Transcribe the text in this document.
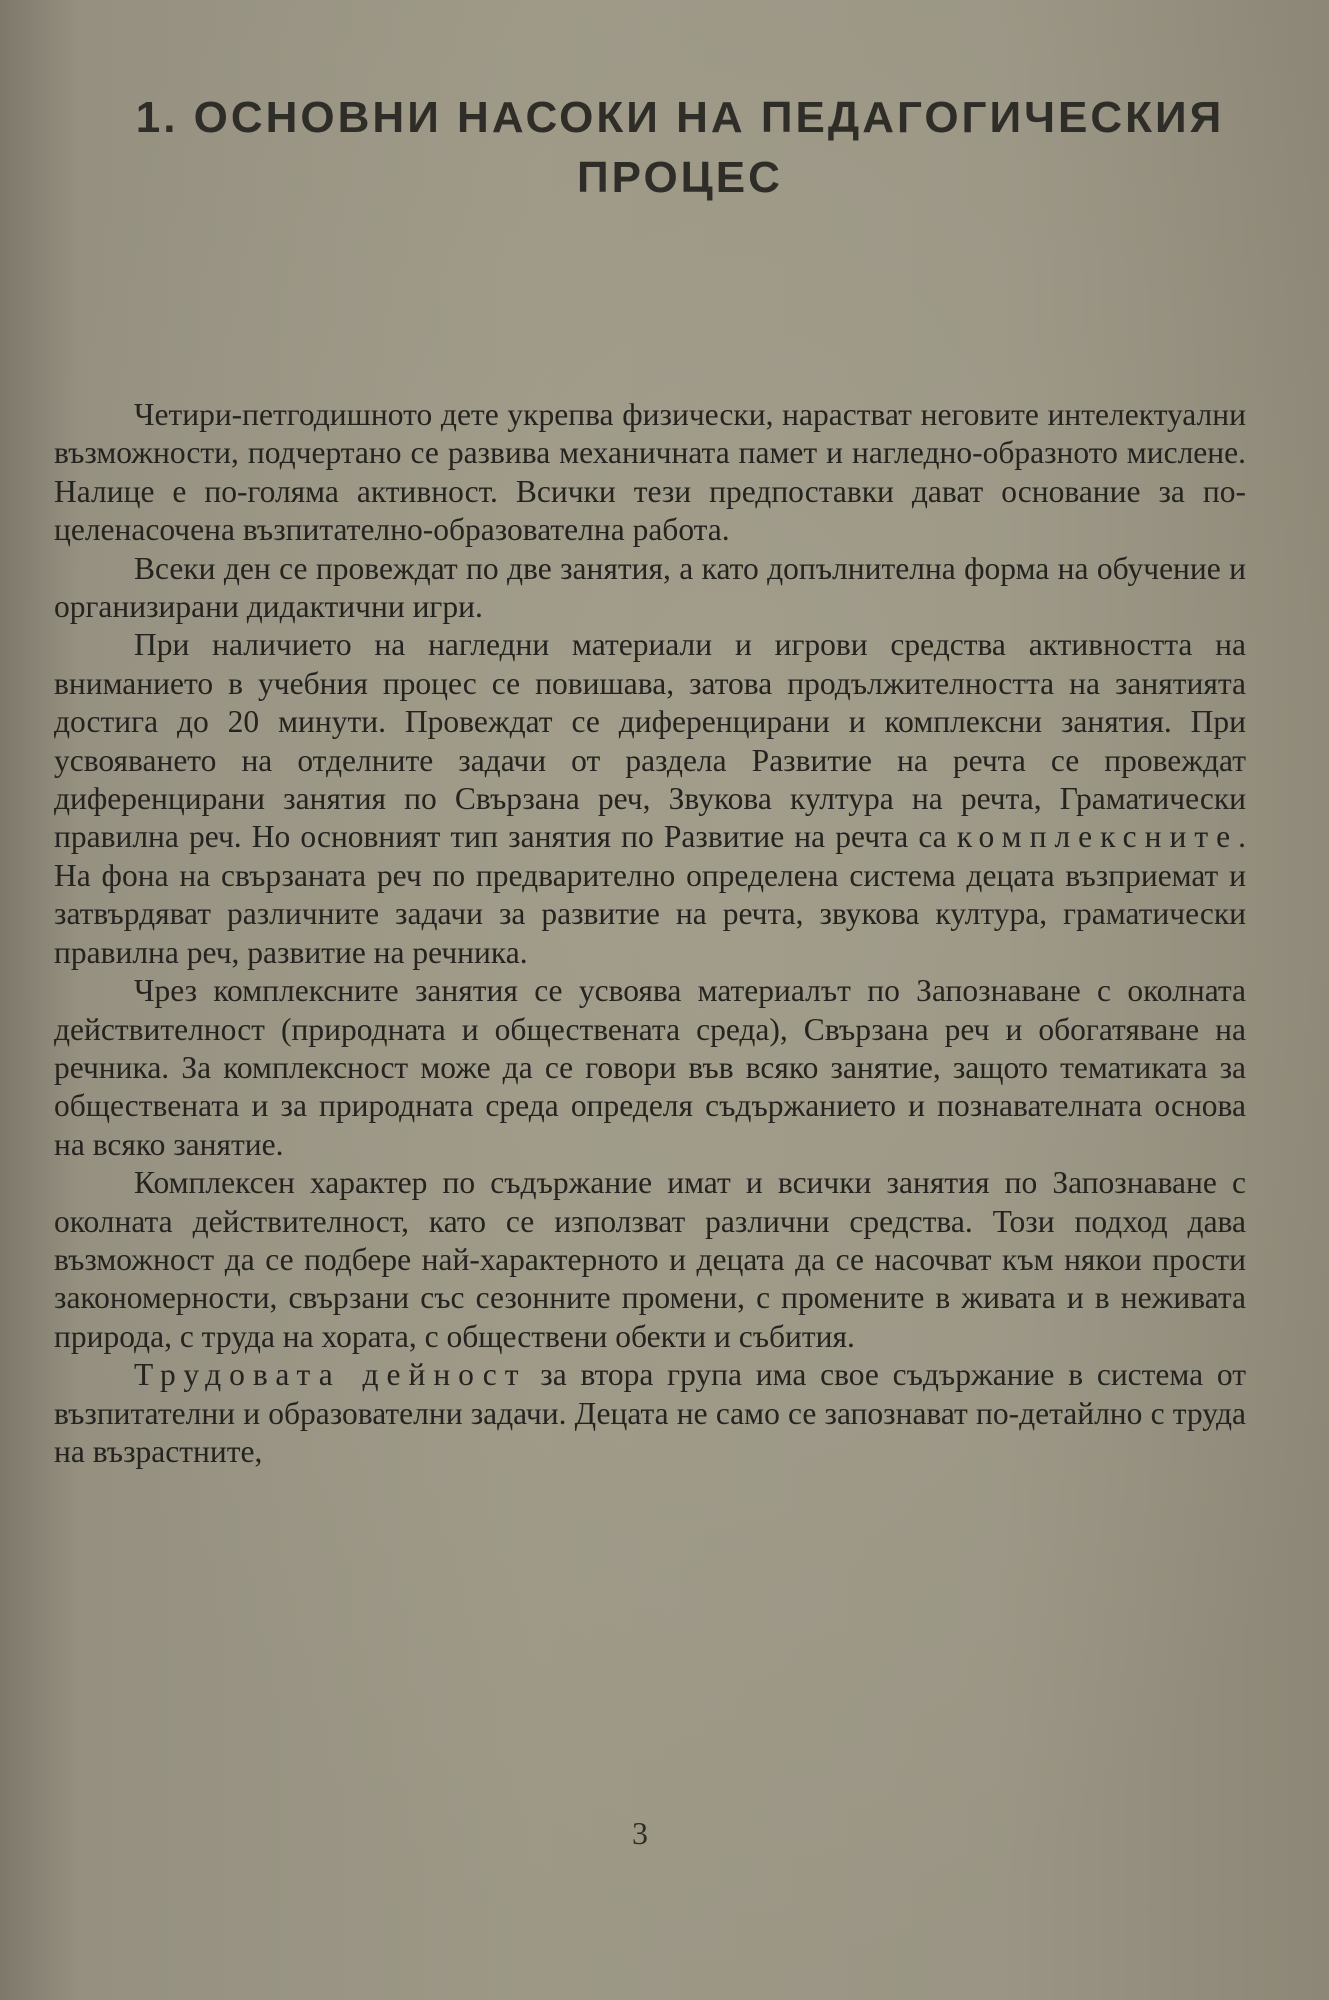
1. ОСНОВНИ НАСОКИ НА ПЕДАГОГИЧЕСКИЯ
ПРОЦЕС

Четири-петгодишното дете укрепва физически, нарастват неговите интелектуални възможности, подчертано се развива механичната памет и нагледно-образното мислене. Налице е по-голяма активност. Всички тези предпоставки дават основание за по-целенасочена възпитателно-образователна работа.

Всеки ден се провеждат по две занятия, а като допълнителна форма на обучение и организирани дидактични игри.

При наличието на нагледни материали и игрови средства активността на вниманието в учебния процес се повишава, затова продължителността на занятията достига до 20 минути. Провеждат се диференцирани и комплексни занятия. При усвояването на отделните задачи от раздела Развитие на речта се провеждат диференцирани занятия по Свързана реч, Звукова култура на речта, Граматически правилна реч. Но основният тип занятия по Развитие на речта са комплексните. На фона на свързаната реч по предварително определена система децата възприемат и затвърдяват различните задачи за развитие на речта, звукова култура, граматически правилна реч, развитие на речника.

Чрез комплексните занятия се усвоява материалът по Запознаване с околната действителност (природната и обществената среда), Свързана реч и обогатяване на речника. За комплексност може да се говори във всяко занятие, защото тематиката за обществената и за природната среда определя съдържанието и познавателната основа на всяко занятие.

Комплексен характер по съдържание имат и всички занятия по Запознаване с околната действителност, като се използват различни средства. Този подход дава възможност да се подбере най-характерното и децата да се насочват към някои прости закономерности, свързани със сезонните промени, с промените в живата и в неживата природа, с труда на хората, с обществени обекти и събития.

Трудовата дейност за втора група има свое съдържание в система от възпитателни и образователни задачи. Децата не само се запознават по-детайлно с труда на възрастните,

3
